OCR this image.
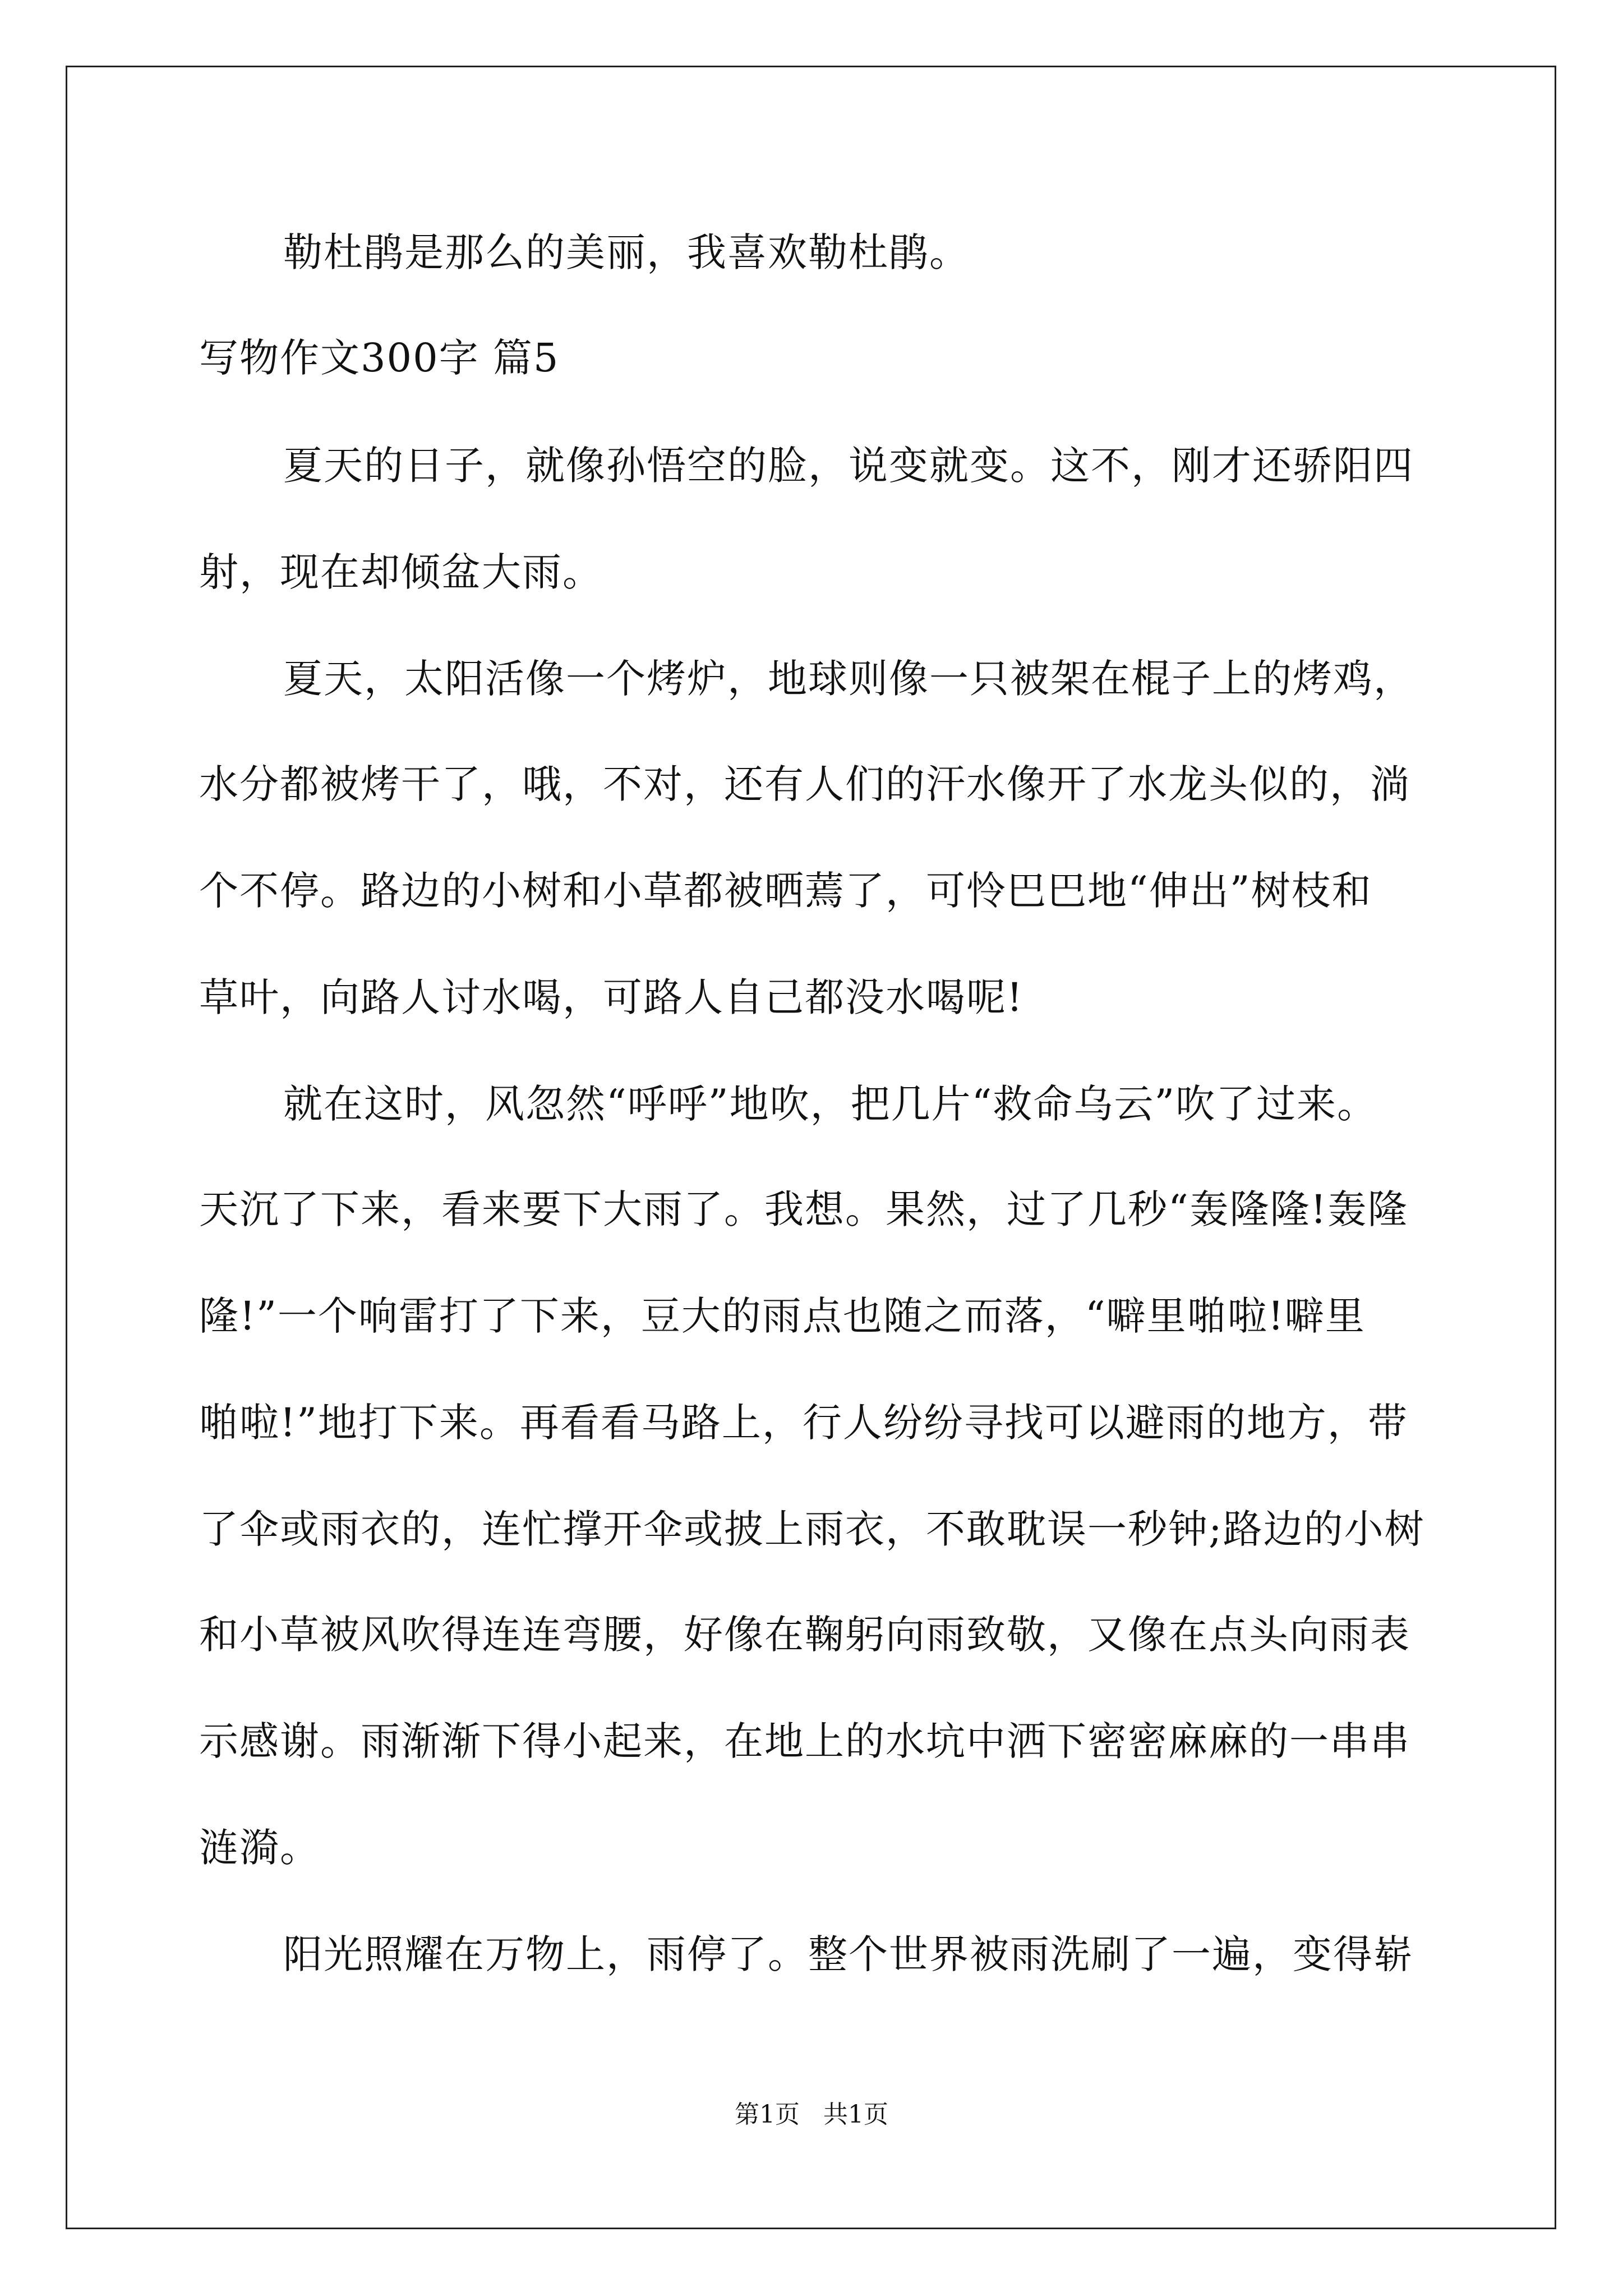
勒杜鹃是那么的美丽，我喜欢勒杜鹃。
写物作文300字 篇5
夏天的日子，就像孙悟空的脸，说变就变。这不，刚才还骄阳四
射，现在却倾盆大雨。
夏天，太阳活像一个烤炉，地球则像一只被架在棍子上的烤鸡，
水分都被烤干了，哦，不对，还有人们的汗水像开了水龙头似的，淌
个不停。路边的小树和小草都被晒蔫了，可怜巴巴地“伸出”树枝和
草叶，向路人讨水喝，可路人自己都没水喝呢!
就在这时，风忽然“呼呼”地吹，把几片“救命乌云”吹了过来。
天沉了下来，看来要下大雨了。我想。果然，过了几秒“轰隆隆!轰隆
隆!”一个响雷打了下来，豆大的雨点也随之而落，“噼里啪啦!噼里
啪啦!”地打下来。再看看马路上，行人纷纷寻找可以避雨的地方，带
了伞或雨衣的，连忙撑开伞或披上雨衣，不敢耽误一秒钟;路边的小树
和小草被风吹得连连弯腰，好像在鞠躬向雨致敬，又像在点头向雨表
示感谢。雨渐渐下得小起来，在地上的水坑中洒下密密麻麻的一串串
涟漪。
阳光照耀在万物上，雨停了。整个世界被雨洗刷了一遍，变得崭
第1页 共1页
